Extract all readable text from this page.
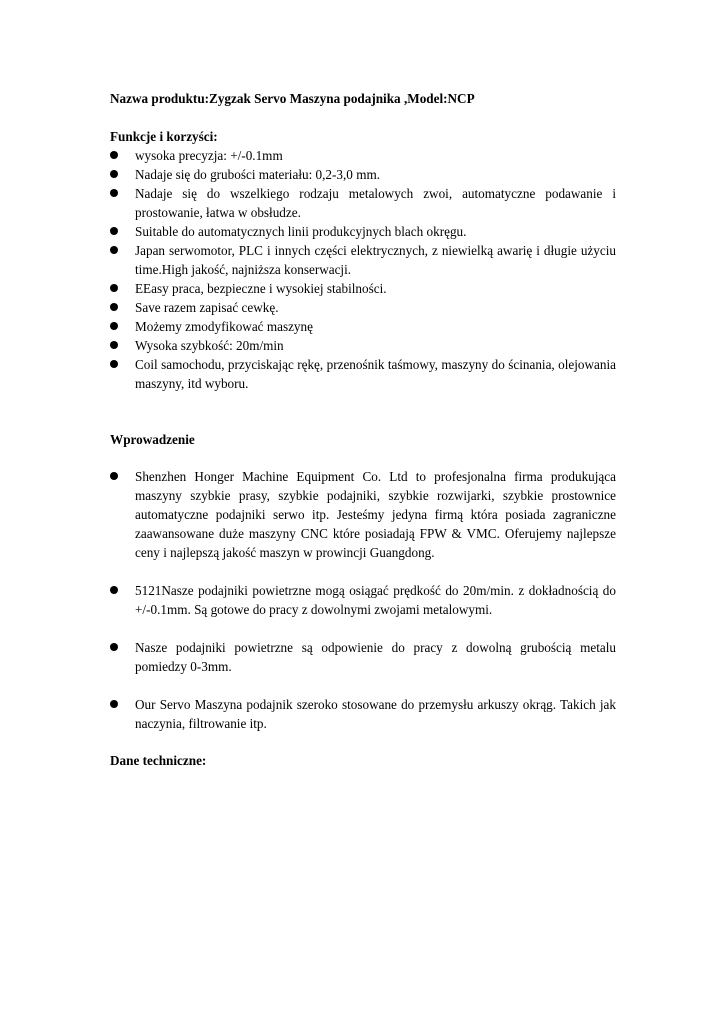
Nazwa produktu:Zygzak Servo Maszyna podajnika ,Model:NCP
Funkcje i korzyści:
wysoka precyzja: +/-0.1mm
Nadaje się do grubości materiału: 0,2-3,0 mm.
Nadaje się do wszelkiego rodzaju metalowych zwoi, automatyczne podawanie i prostowanie, łatwa w obsłudze.
Suitable do automatycznych linii produkcyjnych blach okręgu.
Japan serwomotor, PLC i innych części elektrycznych, z niewielką awarię i długie użyciu time.High jakość, najniższa konserwacji.
EEasy praca, bezpieczne i wysokiej stabilności.
Save razem zapisać cewkę.
Możemy zmodyfikować maszynę
Wysoka szybkość: 20m/min
Coil samochodu, przyciskając rękę, przenośnik taśmowy, maszyny do ścinania, olejowania maszyny, itd wyboru.
Wprowadzenie
Shenzhen Honger Machine Equipment Co. Ltd to profesjonalna firma produkująca maszyny szybkie prasy, szybkie podajniki, szybkie rozwijarki, szybkie prostownice automatyczne podajniki serwo itp. Jesteśmy jedyna firmą która posiada zagraniczne zaawansowane duże maszyny CNC które posiadają FPW & VMC. Oferujemy najlepsze ceny i najlepszą jakość maszyn w prowincji Guangdong.
5121Nasze podajniki powietrzne mogą osiągać prędkość do 20m/min. z dokładnością do +/-0.1mm. Są gotowe do pracy z dowolnymi zwojami metalowymi.
Nasze podajniki powietrzne są odpowienie do pracy z dowolną grubością metalu pomiedzy 0-3mm.
Our Servo Maszyna podajnik szeroko stosowane do przemysłu arkuszy okrąg. Takich jak naczynia, filtrowanie itp.
Dane techniczne:
